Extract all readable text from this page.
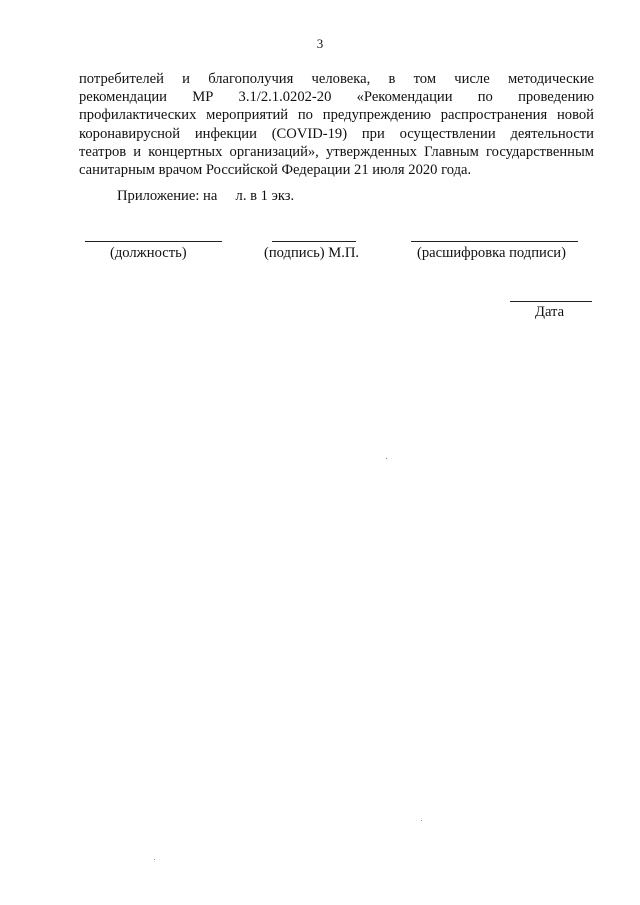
3
потребителей и благополучия человека, в том числе методические
рекомендации МР 3.1/2.1.0202-20 «Рекомендации по проведению
профилактических мероприятий по предупреждению распространения новой
коронавирусной инфекции (COVID-19) при осуществлении деятельности
театров и концертных организаций», утвержденных Главным государственным
санитарным врачом Российской Федерации 21 июля 2020 года.
Приложение: на     л. в 1 экз.
(должность)	(подпись) М.П.	(расшифровка подписи)
Дата
